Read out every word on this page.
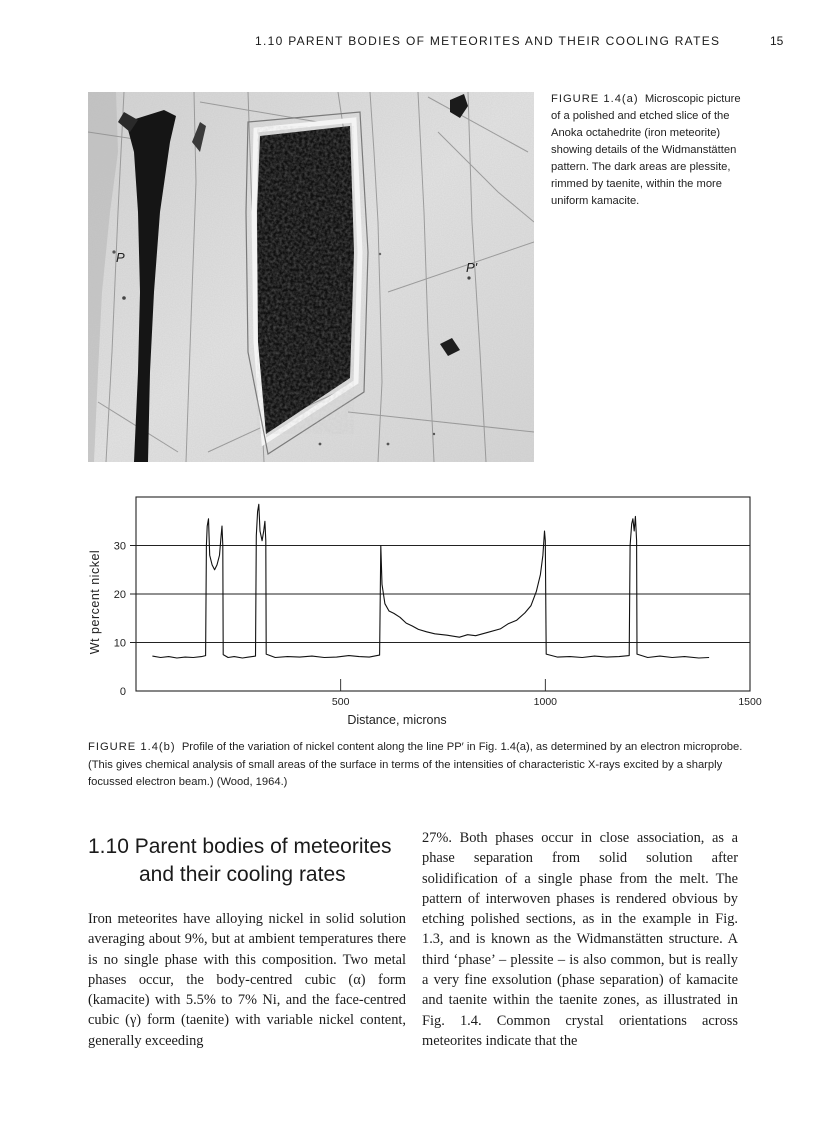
1.10 PARENT BODIES OF METEORITES AND THEIR COOLING RATES	15
P
P'
FIGURE 1.4(a) Microscopic picture of a polished and etched slice of the Anoka octahedrite (iron meteorite) showing details of the Widmanstätten pattern. The dark areas are plessite, rimmed by taenite, within the more uniform kamacite.
0
10
20
30
500	1000	1500
Distance, microns
Wt percent nickel
FIGURE 1.4(b) Profile of the variation of nickel content along the line PP′ in Fig. 1.4(a), as determined by an electron microprobe. (This gives chemical analysis of small areas of the surface in terms of the intensities of characteristic X-rays excited by a sharply focussed electron beam.) (Wood, 1964.)
1.10 Parent bodies of meteorites
and their cooling rates
Iron meteorites have alloying nickel in solid solution averaging about 9%, but at ambient temperatures there is no single phase with this composition. Two metal phases occur, the body-centred cubic (α) form (kamacite) with 5.5% to 7% Ni, and the face-centred cubic (γ) form (taenite) with variable nickel content, generally exceeding
27%. Both phases occur in close association, as a phase separation from solid solution after solidification of a single phase from the melt. The pattern of interwoven phases is rendered obvious by etching polished sections, as in the example in Fig. 1.3, and is known as the Widmanstätten structure. A third ‘phase’ – plessite – is also common, but is really a very fine exsolution (phase separation) of kamacite and taenite within the taenite zones, as illustrated in Fig. 1.4. Common crystal orientations across meteorites indicate that the
